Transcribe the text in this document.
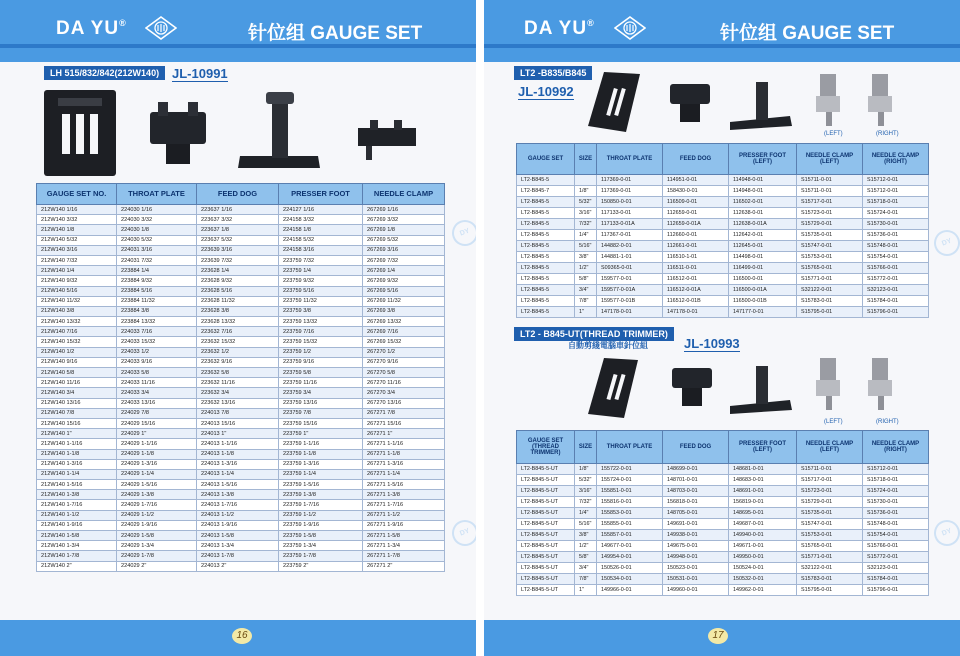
DA YU®	针位组 GAUGE SET
LH 515/832/842(212W140) JL-10991
DY
DY
GAUGE SET NO.	THROAT PLATE	FEED DOG	PRESSER FOOT	NEEDLE CLAMP
212W140 1/16	224030 1/16	223637 1/16	224127 1/16	267269 1/16
212W140 3/32	224030 3/32	223637 3/32	224158 3/32	267269 3/32
212W140 1/8	224030 1/8	223637 1/8	224158 1/8	267269 1/8
212W140 5/32	224030 5/32	223637 5/32	224158 5/32	267269 5/32
212W140 3/16	224031 3/16	223639 3/16	224158 3/16	267269 3/16
212W140 7/32	224031 7/32	223639 7/32	223759 7/32	267269 7/32
212W140 1/4	223884 1/4	223628 1/4	223759 1/4	267269 1/4
212W140 9/32	223884 9/32	223628 9/32	223759 9/32	267269 9/32
212W140 5/16	223884 5/16	223628 5/16	223759 5/16	267269 5/16
212W140 11/32	223884 11/32	223628 11/32	223759 11/32	267269 11/32
212W140 3/8	223884 3/8	223628 3/8	223759 3/8	267269 3/8
212W140 13/32	223884 13/32	223628 13/32	223759 13/32	267269 13/32
212W140 7/16	224033 7/16	223632 7/16	223759 7/16	267269 7/16
212W140 15/32	224033 15/32	223632 15/32	223759 15/32	267269 15/32
212W140 1/2	224033 1/2	223632 1/2	223759 1/2	267270 1/2
212W140 9/16	224033 9/16	223632 9/16	223759 9/16	267270 9/16
212W140 5/8	224033 5/8	223632 5/8	223759 5/8	267270 5/8
212W140 11/16	224033 11/16	223632 11/16	223759 11/16	267270 11/16
212W140 3/4	224033 3/4	223632 3/4	223759 3/4	267270 3/4
212W140 13/16	224033 13/16	223632 13/16	223759 13/16	267270 13/16
212W140 7/8	224029 7/8	224013 7/8	223759 7/8	267271 7/8
212W140 15/16	224029 15/16	224013 15/16	223759 15/16	267271 15/16
212W140 1"	224029 1"	224013 1"	223759 1"	267271 1"
212W140 1-1/16	224029 1-1/16	224013 1-1/16	223759 1-1/16	267271 1-1/16
212W140 1-1/8	224029 1-1/8	224013 1-1/8	223759 1-1/8	267271 1-1/8
212W140 1-3/16	224029 1-3/16	224013 1-3/16	223759 1-3/16	267271 1-3/16
212W140 1-1/4	224029 1-1/4	224013 1-1/4	223759 1-1/4	267271 1-1/4
212W140 1-5/16	224029 1-5/16	224013 1-5/16	223759 1-5/16	267271 1-5/16
212W140 1-3/8	224029 1-3/8	224013 1-3/8	223759 1-3/8	267271 1-3/8
212W140 1-7/16	224029 1-7/16	224013 1-7/16	223759 1-7/16	267271 1-7/16
212W140 1-1/2	224029 1-1/2	224013 1-1/2	223759 1-1/2	267271 1-1/2
212W140 1-9/16	224029 1-9/16	224013 1-9/16	223759 1-9/16	267271 1-9/16
212W140 1-5/8	224029 1-5/8	224013 1-5/8	223759 1-5/8	267271 1-5/8
212W140 1-3/4	224029 1-3/4	224013 1-3/4	223759 1-3/4	267271 1-3/4
212W140 1-7/8	224029 1-7/8	224013 1-7/8	223759 1-7/8	267271 1-7/8
212W140 2"	224029 2"	224013 2"	223759 2"	267271 2"
16
DA YU®	针位组 GAUGE SET
LT2 -B835/B845
JL-10992
(LEFT)	(RIGHT)
GAUGE SET	SIZE	THROAT PLATE	FEED DOG	PRESSER FOOT (LEFT)	NEEDLE CLAMP (LEFT)	NEEDLE CLAMP (RIGHT)
LT2-B845-5		117369-0-01	114951-0-01	114948-0-01	S15711-0-01	S15712-0-01
LT2-B845-7	1/8"	117369-0-01	158430-0-01	114948-0-01	S15711-0-01	S15712-0-01
LT2-B845-5	5/32"	150850-0-01	116509-0-01	116502-0-01	S15717-0-01	S15718-0-01
LT2-B845-5	3/16"	117133-0-01	112659-0-01	112638-0-01	S15723-0-01	S15724-0-01
LT2-B845-5	7/32"	117133-0-01A	112659-0-01A	112638-0-01A	S15729-0-01	S15730-0-01
LT2-B845-5	1/4"	117367-0-01	112660-0-01	112642-0-01	S15735-0-01	S15736-0-01
LT2-B845-5	5/16"	144882-0-01	112661-0-01	112645-0-01	S15747-0-01	S15748-0-01
LT2-B845-5	3/8"	144881-1-01	116510-1-01	114498-0-01	S15753-0-01	S15754-0-01
LT2-B845-5	1/2"	S09365-0-01	116511-0-01	116499-0-01	S15765-0-01	S15766-0-01
LT2-B845-5	5/8"	159577-0-01	116512-0-01	116500-0-01	S15771-0-01	S15772-0-01
LT2-B845-5	3/4"	159577-0-01A	116512-0-01A	116500-0-01A	S32122-0-01	S32123-0-01
LT2-B845-5	7/8"	159577-0-01B	116512-0-01B	116500-0-01B	S15783-0-01	S15784-0-01
LT2-B845-5	1"	147178-0-01	147178-0-01	147177-0-01	S15795-0-01	S15796-0-01
LT2 - B845-UT(THREAD TRIMMER)
自動剪綫電腦車針位組	JL-10993
(LEFT)	(RIGHT)
DY
DY
GAUGE SET (THREAD TRIMMER)	SIZE	THROAT PLATE	FEED DOG	PRESSER FOOT (LEFT)	NEEDLE CLAMP (LEFT)	NEEDLE CLAMP (RIGHT)
LT2-B845-5-UT	1/8"	155722-0-01	148699-0-01	148681-0-01	S15711-0-01	S15712-0-01
LT2-B845-5-UT	5/32"	155724-0-01	148701-0-01	148683-0-01	S15717-0-01	S15718-0-01
LT2-B845-5-UT	3/16"	155851-0-01	148703-0-01	148691-0-01	S15723-0-01	S15724-0-01
LT2-B845-5-UT	7/32"	155816-0-01	156818-0-01	156819-0-01	S15729-0-01	S15730-0-01
LT2-B845-5-UT	1/4"	155853-0-01	148705-0-01	148695-0-01	S15735-0-01	S15736-0-01
LT2-B845-5-UT	5/16"	155855-0-01	149691-0-01	149687-0-01	S15747-0-01	S15748-0-01
LT2-B845-5-UT	3/8"	155857-0-01	149938-0-01	149940-0-01	S15753-0-01	S15754-0-01
LT2-B845-5-UT	1/2"	149677-0-01	149675-0-01	149671-0-01	S15765-0-01	S15766-0-01
LT2-B845-5-UT	5/8"	149954-0-01	149948-0-01	149950-0-01	S15771-0-01	S15772-0-01
LT2-B845-5-UT	3/4"	150526-0-01	150523-0-01	150524-0-01	S32122-0-01	S32123-0-01
LT2-B845-5-UT	7/8"	150534-0-01	150531-0-01	150532-0-01	S15783-0-01	S15784-0-01
LT2-B845-5-UT	1"	149966-0-01	149960-0-01	149962-0-01	S15795-0-01	S15796-0-01
17
